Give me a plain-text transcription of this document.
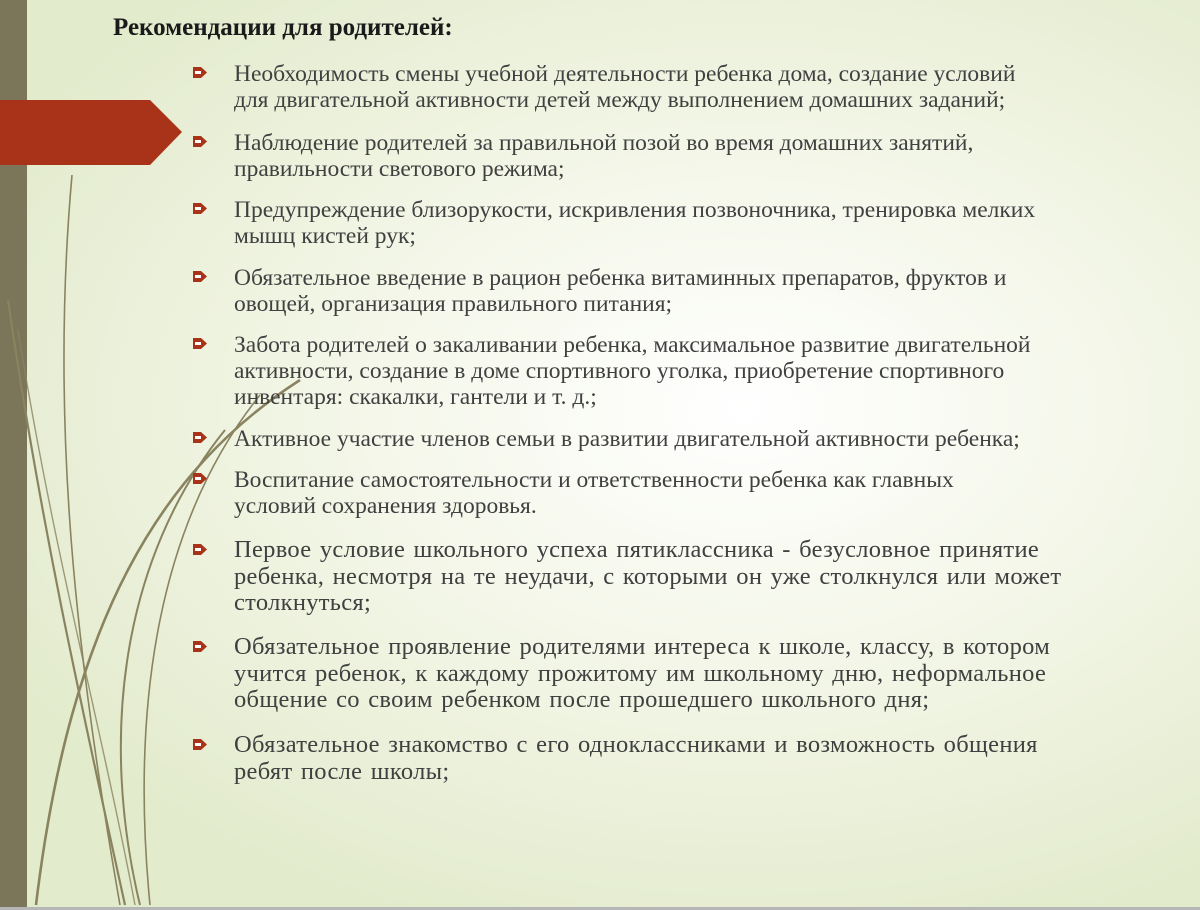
Рекомендации для родителей:
Необходимость смены учебной деятельности ребенка дома, создание условий
для двигательной активности детей между выполнением домашних заданий;
Наблюдение родителей за правильной позой во время домашних занятий,
правильности светового режима;
Предупреждение близорукости, искривления позвоночника, тренировка мелких
мышц кистей рук;
Обязательное введение в рацион ребенка витаминных препаратов, фруктов и
овощей, организация правильного питания;
Забота родителей о закаливании ребенка, максимальное развитие двигательной
активности, создание в доме спортивного уголка, приобретение спортивного
инвентаря: скакалки, гантели и т. д.;
Активное участие членов семьи в развитии двигательной активности ребенка;
Воспитание самостоятельности и ответственности ребенка как главных
условий сохранения здоровья.
Первое условие школьного успеха пятиклассника - безусловное принятие
ребенка, несмотря на те неудачи, с которыми он уже столкнулся или может
столкнуться;
Обязательное проявление родителями интереса к школе, классу, в котором
учится ребенок, к каждому прожитому им школьному дню, неформальное
общение со своим ребенком после прошедшего школьного дня;
Обязательное знакомство с его одноклассниками и возможность общения
ребят после школы;
